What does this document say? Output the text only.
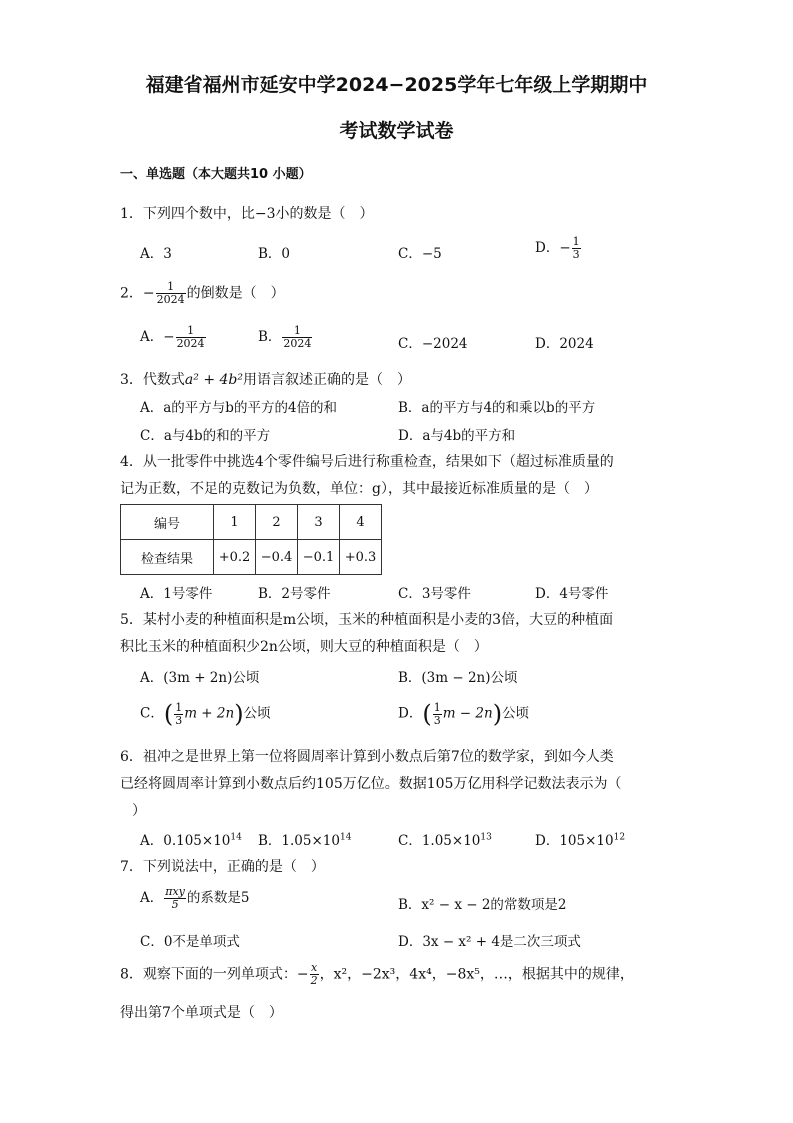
福建省福州市延安中学2024−2025学年七年级上学期期中
考试数学试卷
一、单选题（本大题共10 小题）
1．下列四个数中，比−3小的数是（　）
A．3	B．0	C．−5	D．− $\frac{1}{3}$
2．− $\frac{1}{2024}$ 的倒数是（　）
A．− $\frac{1}{2024}$	B． $\frac{1}{2024}$	C．−2024	D．2024
3．代数式a² + 4b²用语言叙述正确的是（　）
A．a的平方与b的平方的4倍的和	B．a的平方与4的和乘以b的平方
C．a与4b的和的平方	D．a与4b的平方和
4．从一批零件中挑选4个零件编号后进行称重检查，结果如下（超过标准质量的
记为正数，不足的克数记为负数，单位：g），其中最接近标准质量的是（　）
编号	1	2	3	4
检查结果	+0.2	−0.4	−0.1	+0.3
A．1号零件	B．2号零件	C．3号零件	D．4号零件
5．某村小麦的种植面积是m公顷，玉米的种植面积是小麦的3倍，大豆的种植面
积比玉米的种植面积少2n公顷，则大豆的种植面积是（　）
A．(3m + 2n)公顷	B．(3m − 2n)公顷
C．( $\frac{1}{3}$ m + 2n)公顷	D．( $\frac{1}{3}$ m − 2n)公顷
6．祖冲之是世界上第一位将圆周率计算到小数点后第7位的数学家，到如今人类
已经将圆周率计算到小数点后约105万亿位。数据105万亿用科学记数法表示为（
）
A．$0.105\times 10^{14}$ B．$1.05\times 10^{14}$	C．$1.05\times 10^{13}$	D．$105\times 10^{12}$
7．下列说法中，正确的是（　）
A． $\frac{\text{πxy}}{5}$ 的系数是5	B．x² − x − 2的常数项是2
C．0不是单项式	D．3x − x² + 4是二次三项式
8．观察下面的一列单项式：− $\frac{x}{2}$ ，x²，−2x³，4x⁴，−8x⁵，…，根据其中的规律，
得出第7个单项式是（　）
